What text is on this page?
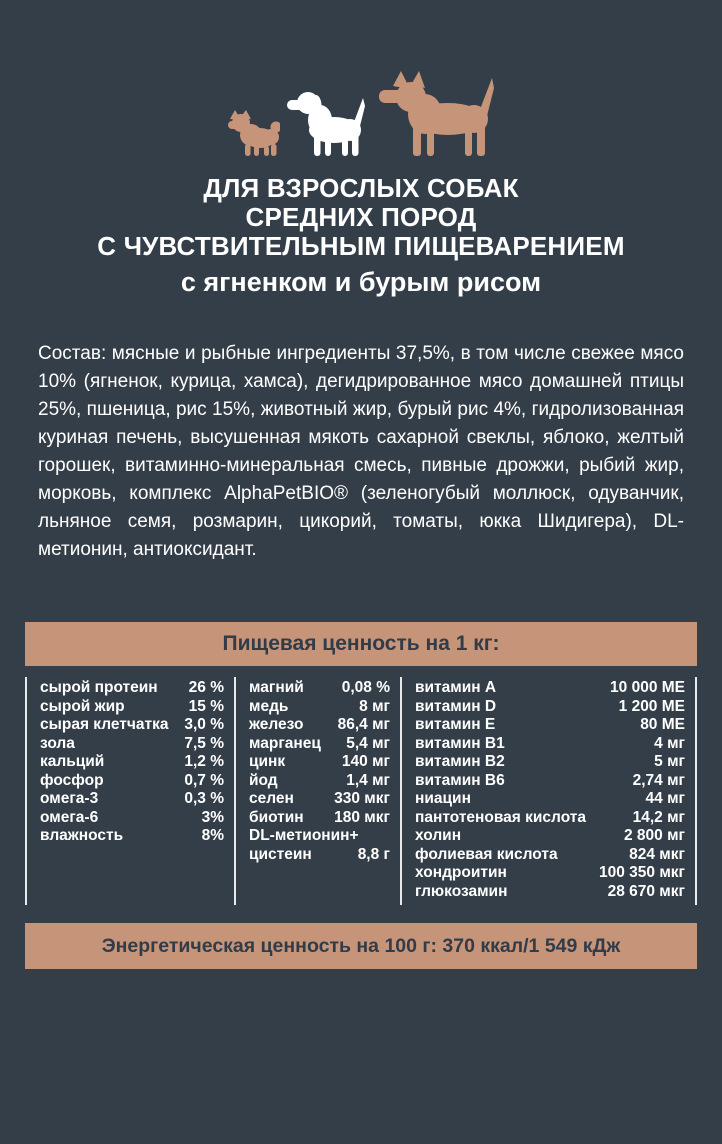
ДЛЯ ВЗРОСЛЫХ СОБАК
СРЕДНИХ ПОРОД
С ЧУВСТВИТЕЛЬНЫМ ПИЩЕВАРЕНИЕМ
с ягненком и бурым рисом
Состав: мясные и рыбные ингредиенты 37,5%, в том числе свежее мясо 10% (ягненок, курица, хамса), дегидрированное мясо домашней птицы 25%, пшеница, рис 15%, животный жир, бурый рис 4%, гидролизованная куриная печень, высушенная мякоть сахарной свеклы, яблоко, желтый горошек, витаминно-минеральная смесь, пивные дрожжи, рыбий жир, морковь, комплекс AlphaPetBIO® (зеленогубый моллюск, одуванчик, льняное семя, розмарин, цикорий, томаты, юкка Шидигера), DL-метионин, антиоксидант.
Пищевая ценность на 1 кг:
сырой протеин 26 %
сырой жир	15 %
сырая клетчатка 3,0 %
зола	7,5 %
кальций	1,2 %
фосфор	0,7 %
омега-3	0,3 %
омега-6	3%
влажность	8%
магний 0,08 %
медь	8 мг
железо 86,4 мг
марганец 5,4 мг
цинк	140 мг
йод	1,4 мг
селен	330 мкг
биотин 180 мкг
DL-метионин+
цистеин	8,8 г
витамин A	10 000 МЕ
витамин D	1 200 МЕ
витамин E	80 МЕ
витамин B1	4 мг
витамин B2	5 мг
витамин B6	2,74 мг
ниацин	44 мг
пантотеновая кислота	14,2 мг
холин	2 800 мг
фолиевая кислота	824 мкг
хондроитин	100 350 мкг
глюкозамин	28 670 мкг
Энергетическая ценность на 100 г: 370 ккал/1 549 кДж
